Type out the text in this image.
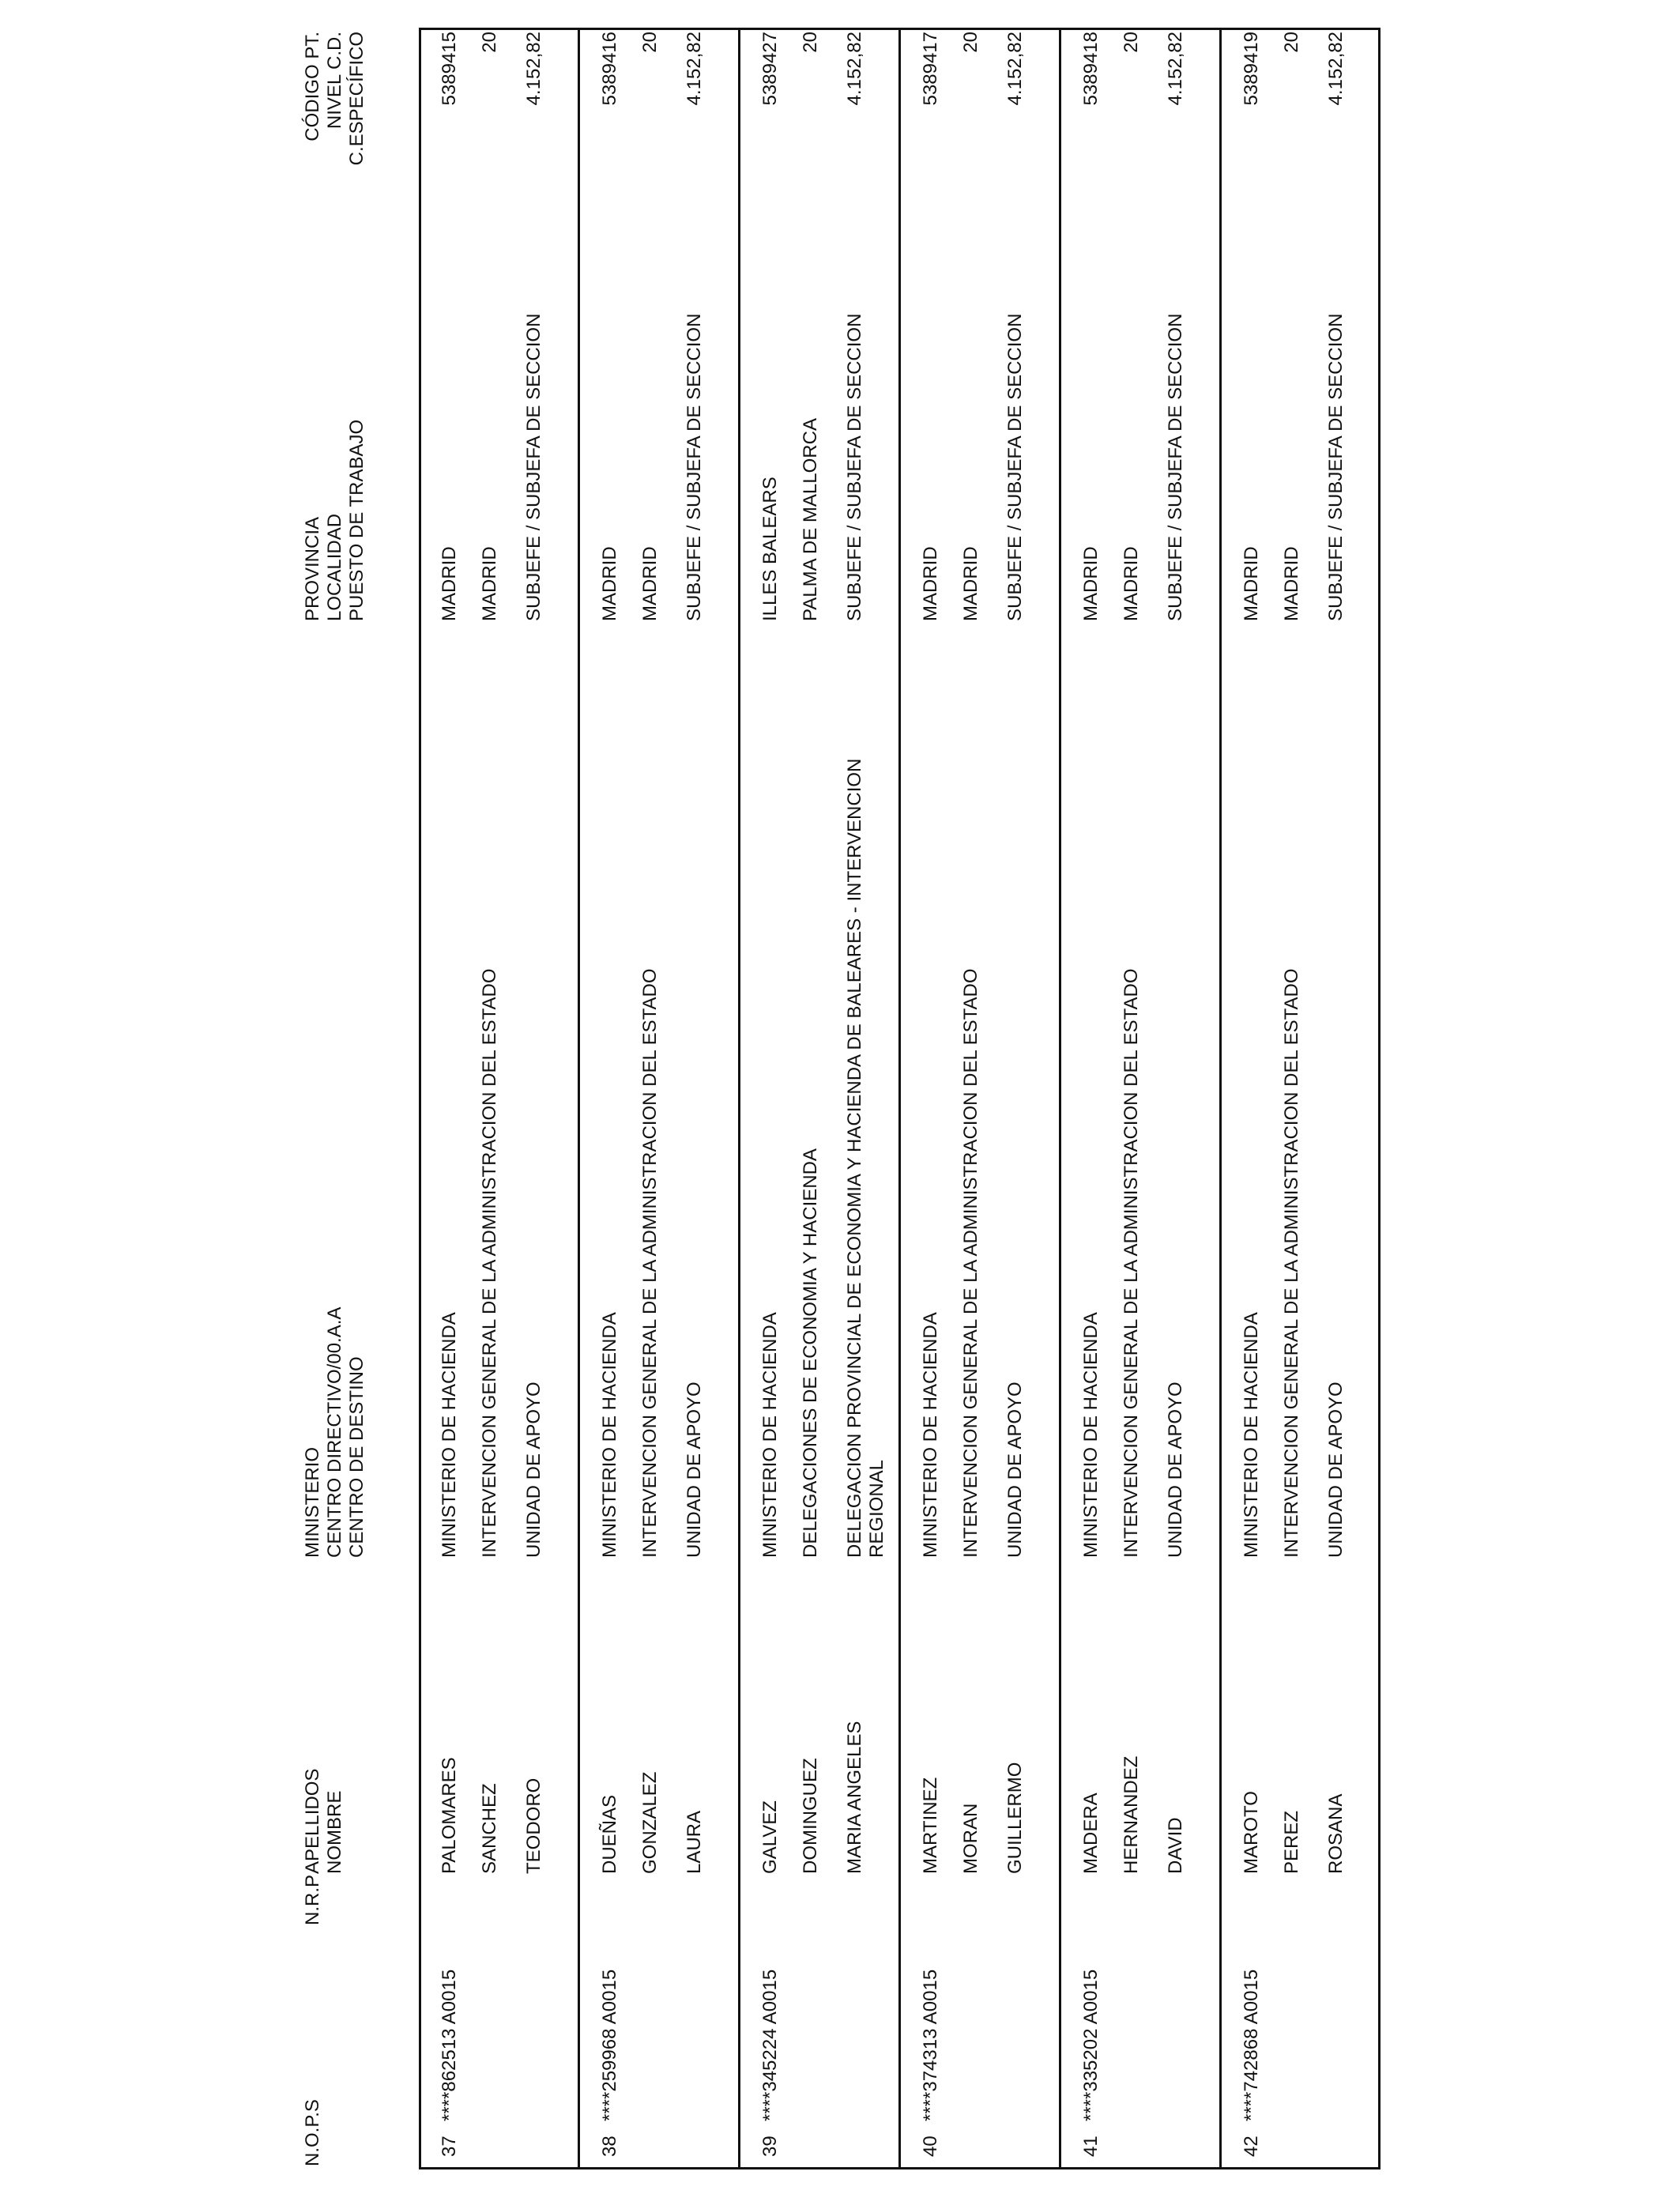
N.O.P.S
N.R.P
APELLIDOS NOMBRE
MINISTERIO CENTRO DIRECTIVO/00.A.A CENTRO DE DESTINO
PROVINCIA LOCALIDAD PUESTO DE TRABAJO
CÓDIGO PT. NIVEL C.D. C.ESPECÍFICO
37
****862513 A0015
PALOMARES SANCHEZ TEODORO
MINISTERIO DE HACIENDA INTERVENCION GENERAL DE LA ADMINISTRACION DEL ESTADO UNIDAD DE APOYO
MADRID MADRID SUBJEFE / SUBJEFA DE SECCION
5389415 20 4.152,82
38
****259968 A0015
DUEÑAS GONZALEZ LAURA
MINISTERIO DE HACIENDA INTERVENCION GENERAL DE LA ADMINISTRACION DEL ESTADO UNIDAD DE APOYO
MADRID MADRID SUBJEFE / SUBJEFA DE SECCION
5389416 20 4.152,82
39
****345224 A0015
GALVEZ DOMINGUEZ MARIA ANGELES
MINISTERIO DE HACIENDA DELEGACIONES DE ECONOMIA Y HACIENDA DELEGACION PROVINCIAL DE ECONOMIA Y HACIENDA DE BALEARES - INTERVENCION REGIONAL
ILLES BALEARS PALMA DE MALLORCA SUBJEFE / SUBJEFA DE SECCION
5389427 20 4.152,82
40
****374313 A0015
MARTINEZ MORAN GUILLERMO
MINISTERIO DE HACIENDA INTERVENCION GENERAL DE LA ADMINISTRACION DEL ESTADO UNIDAD DE APOYO
MADRID MADRID SUBJEFE / SUBJEFA DE SECCION
5389417 20 4.152,82
41
****335202 A0015
MADERA HERNANDEZ DAVID
MINISTERIO DE HACIENDA INTERVENCION GENERAL DE LA ADMINISTRACION DEL ESTADO UNIDAD DE APOYO
MADRID MADRID SUBJEFE / SUBJEFA DE SECCION
5389418 20 4.152,82
42
****742868 A0015
MAROTO PEREZ ROSANA
MINISTERIO DE HACIENDA INTERVENCION GENERAL DE LA ADMINISTRACION DEL ESTADO UNIDAD DE APOYO
MADRID MADRID SUBJEFE / SUBJEFA DE SECCION
5389419 20 4.152,82
